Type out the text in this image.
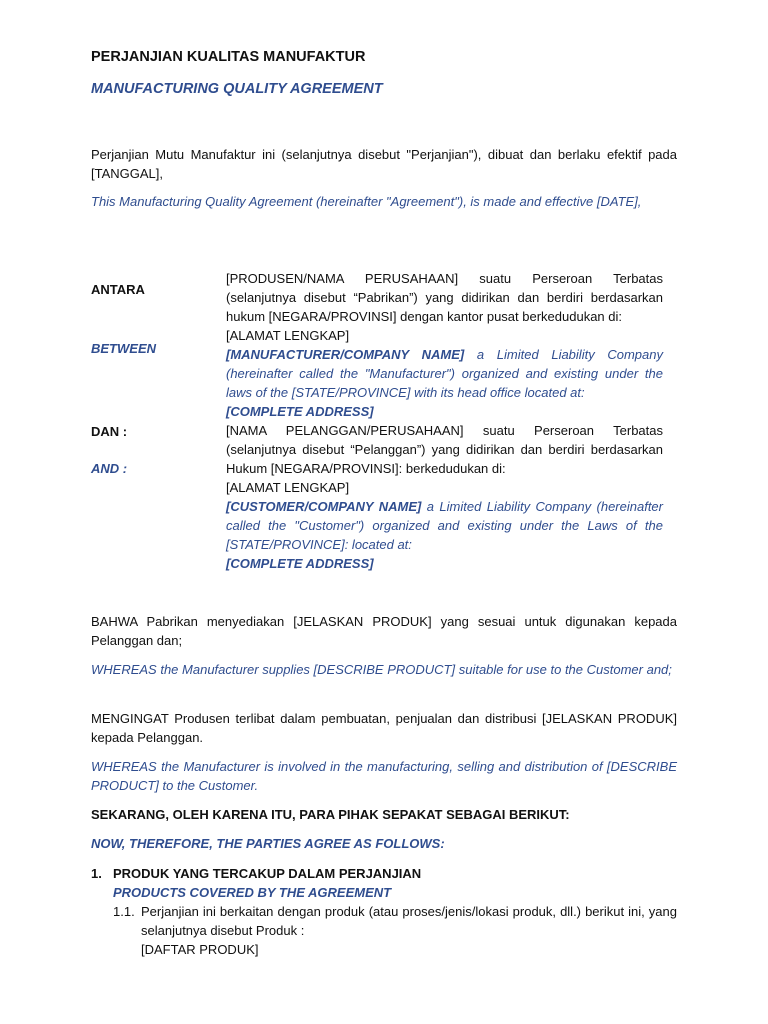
PERJANJIAN KUALITAS MANUFAKTUR
MANUFACTURING QUALITY AGREEMENT
Perjanjian Mutu Manufaktur ini (selanjutnya disebut "Perjanjian"), dibuat dan berlaku efektif pada [TANGGAL],
This Manufacturing Quality Agreement (hereinafter "Agreement"), is made and effective [DATE],
ANTARA
BETWEEN
[PRODUSEN/NAMA PERUSAHAAN] suatu Perseroan Terbatas (selanjutnya disebut “Pabrikan”) yang didirikan dan berdiri berdasarkan hukum [NEGARA/PROVINSI] dengan kantor pusat berkedudukan di:
[ALAMAT LENGKAP]
[MANUFACTURER/COMPANY NAME] a Limited Liability Company (hereinafter called the "Manufacturer") organized and existing under the laws of the [STATE/PROVINCE] with its head office located at:
[COMPLETE ADDRESS]
DAN :
AND :
[NAMA PELANGGAN/PERUSAHAAN] suatu Perseroan Terbatas (selanjutnya disebut “Pelanggan”) yang didirikan dan berdiri berdasarkan Hukum [NEGARA/PROVINSI]: berkedudukan di:
[ALAMAT LENGKAP]
[CUSTOMER/COMPANY NAME] a Limited Liability Company (hereinafter called the "Customer") organized and existing under the Laws of the [STATE/PROVINCE]: located at:
[COMPLETE ADDRESS]
BAHWA Pabrikan menyediakan [JELASKAN PRODUK] yang sesuai untuk digunakan kepada Pelanggan dan;
WHEREAS the Manufacturer supplies [DESCRIBE PRODUCT] suitable for use to the Customer and;
MENGINGAT Produsen terlibat dalam pembuatan, penjualan dan distribusi [JELASKAN PRODUK] kepada Pelanggan.
WHEREAS the Manufacturer is involved in the manufacturing, selling and distribution of [DESCRIBE PRODUCT] to the Customer.
SEKARANG, OLEH KARENA ITU, PARA PIHAK SEPAKAT SEBAGAI BERIKUT:
NOW, THEREFORE, THE PARTIES AGREE AS FOLLOWS:
1. PRODUK YANG TERCAKUP DALAM PERJANJIAN
PRODUCTS COVERED BY THE AGREEMENT
1.1. Perjanjian ini berkaitan dengan produk (atau proses/jenis/lokasi produk, dll.) berikut ini, yang selanjutnya disebut Produk :
[DAFTAR PRODUK]
